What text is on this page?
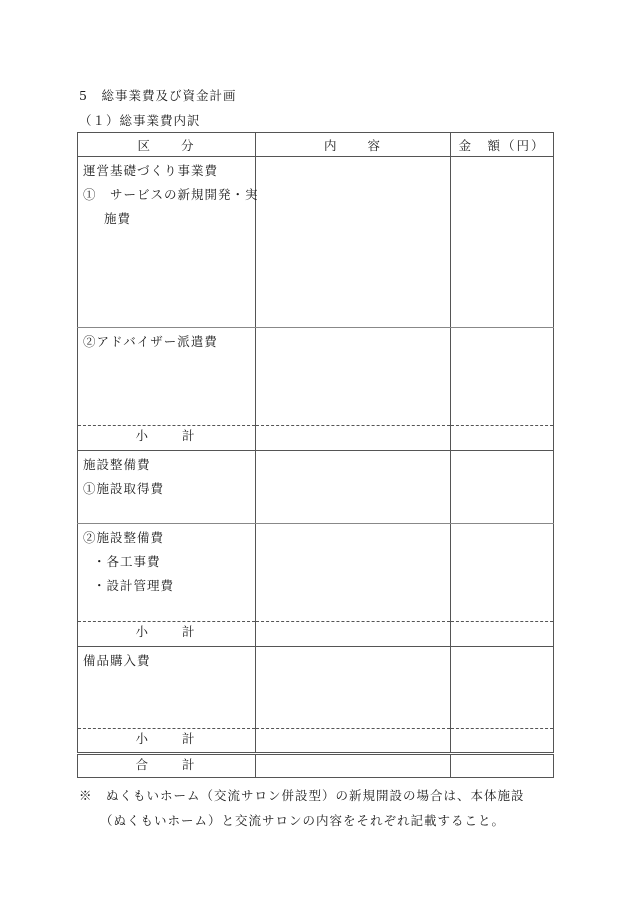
5　総事業費及び資金計画
（１）総事業費内訳
区　　分	内　　容	金　額（円）

運営基礎づくり事業費
①　サービスの新規開発・実
施費		

②アドバイザー派遣費		

小　　計		

施設整備費
①施設取得費		

②施設整備費
・各工事費
・設計管理費		

小　　計		

備品購入費		

小　　計		
合　　計		
※　ぬくもいホーム（交流サロン併設型）の新規開設の場合は、本体施設
（ぬくもいホーム）と交流サロンの内容をそれぞれ記載すること。
